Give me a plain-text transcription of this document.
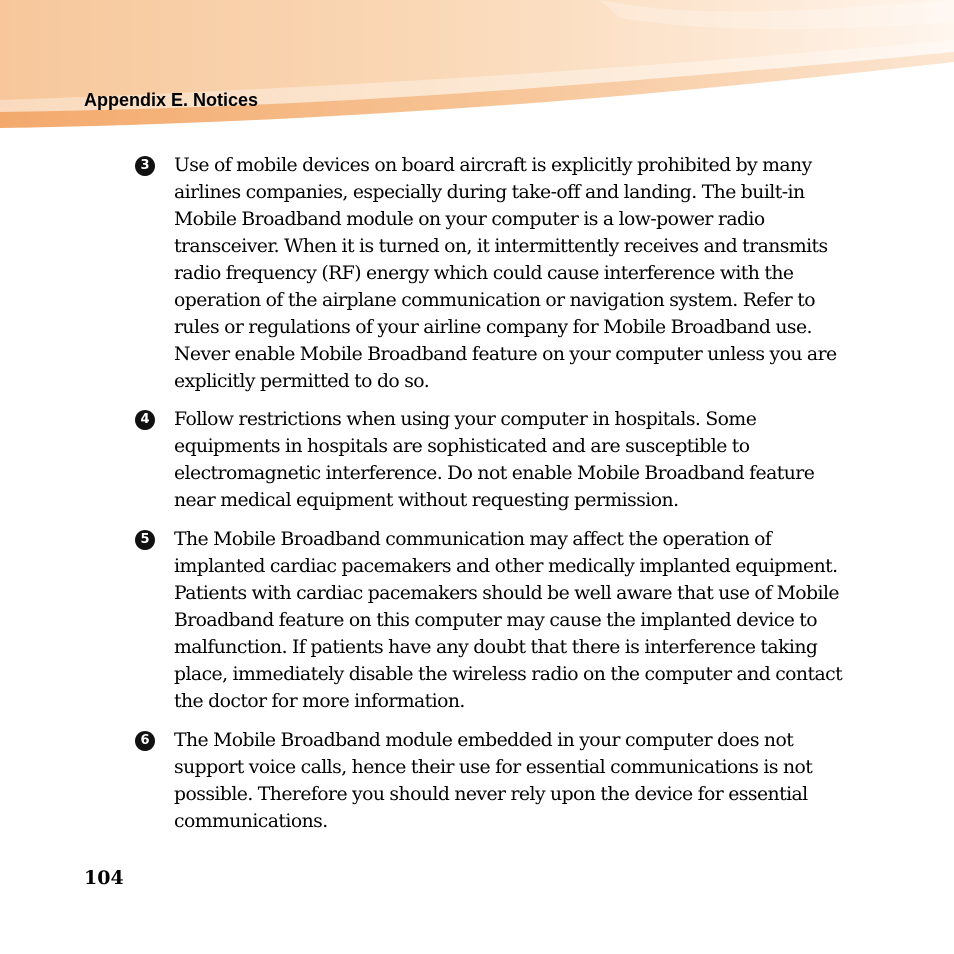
Appendix E. Notices
3 Use of mobile devices on board aircraft is explicitly prohibited by many airlines companies, especially during take-off and landing. The built-in Mobile Broadband module on your computer is a low-power radio transceiver. When it is turned on, it intermittently receives and transmits radio frequency (RF) energy which could cause interference with the operation of the airplane communication or navigation system. Refer to rules or regulations of your airline company for Mobile Broadband use. Never enable Mobile Broadband feature on your computer unless you are explicitly permitted to do so.
4 Follow restrictions when using your computer in hospitals. Some equipments in hospitals are sophisticated and are susceptible to electromagnetic interference. Do not enable Mobile Broadband feature near medical equipment without requesting permission.
5 The Mobile Broadband communication may affect the operation of implanted cardiac pacemakers and other medically implanted equipment. Patients with cardiac pacemakers should be well aware that use of Mobile Broadband feature on this computer may cause the implanted device to malfunction. If patients have any doubt that there is interference taking place, immediately disable the wireless radio on the computer and contact the doctor for more information.
6 The Mobile Broadband module embedded in your computer does not support voice calls, hence their use for essential communications is not possible. Therefore you should never rely upon the device for essential communications.
104
